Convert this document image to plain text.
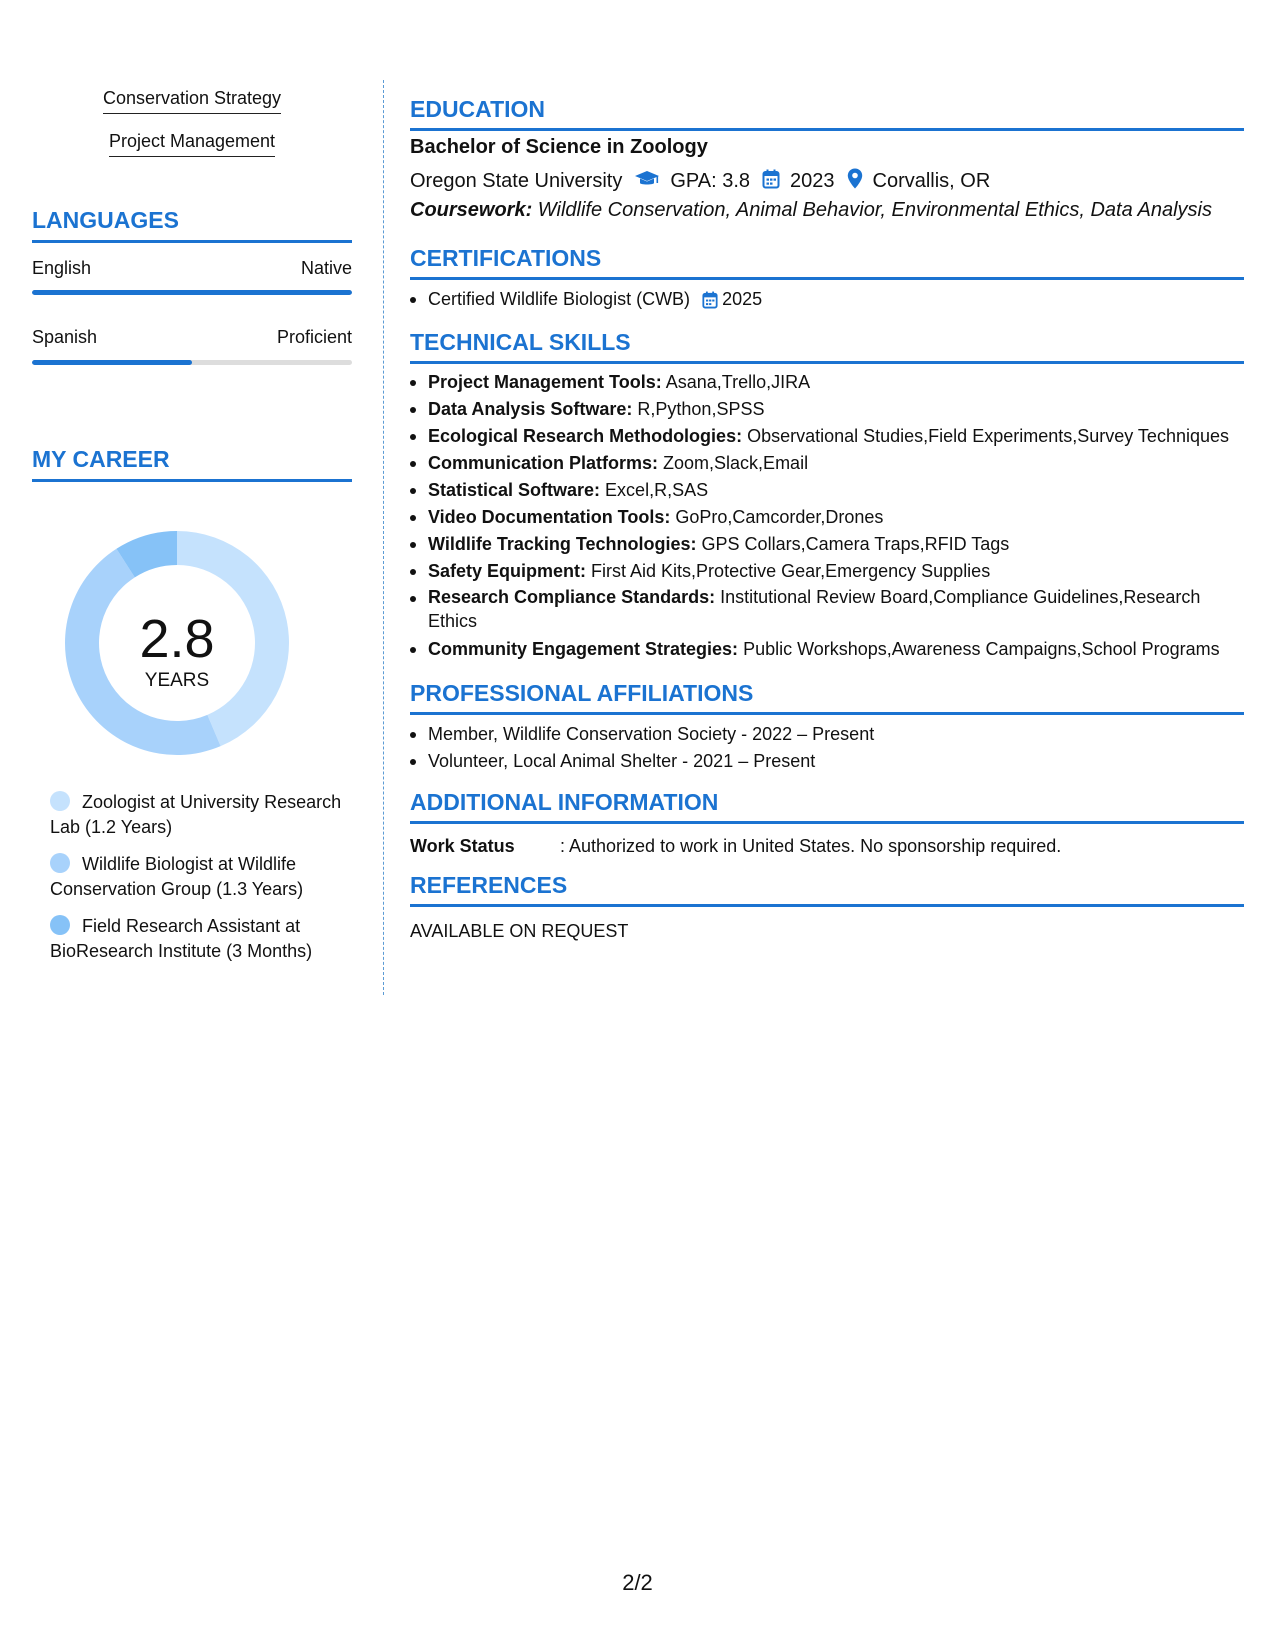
Conservation Strategy
Project Management
LANGUAGES
English	Native
Spanish	Proficient
MY CAREER
2.8
YEARS
Zoologist at University Research Lab (1.2 Years)
Wildlife Biologist at Wildlife Conservation Group (1.3 Years)
Field Research Assistant at BioResearch Institute (3 Months)
EDUCATION
Bachelor of Science in Zoology
Oregon State University GPA: 3.8 2023 Corvallis, OR
Coursework: Wildlife Conservation, Animal Behavior, Environmental Ethics, Data Analysis
CERTIFICATIONS
Certified Wildlife Biologist (CWB) 2025
TECHNICAL SKILLS
Project Management Tools: Asana,Trello,JIRA
Data Analysis Software: R,Python,SPSS
Ecological Research Methodologies: Observational Studies,Field Experiments,Survey Techniques
Communication Platforms: Zoom,Slack,Email
Statistical Software: Excel,R,SAS
Video Documentation Tools: GoPro,Camcorder,Drones
Wildlife Tracking Technologies: GPS Collars,Camera Traps,RFID Tags
Safety Equipment: First Aid Kits,Protective Gear,Emergency Supplies
Research Compliance Standards: Institutional Review Board,Compliance Guidelines,Research Ethics
Community Engagement Strategies: Public Workshops,Awareness Campaigns,School Programs
PROFESSIONAL AFFILIATIONS
Member, Wildlife Conservation Society - 2022 – Present
Volunteer, Local Animal Shelter - 2021 – Present
ADDITIONAL INFORMATION
Work Status	: Authorized to work in United States. No sponsorship required.
REFERENCES
AVAILABLE ON REQUEST
2/2
